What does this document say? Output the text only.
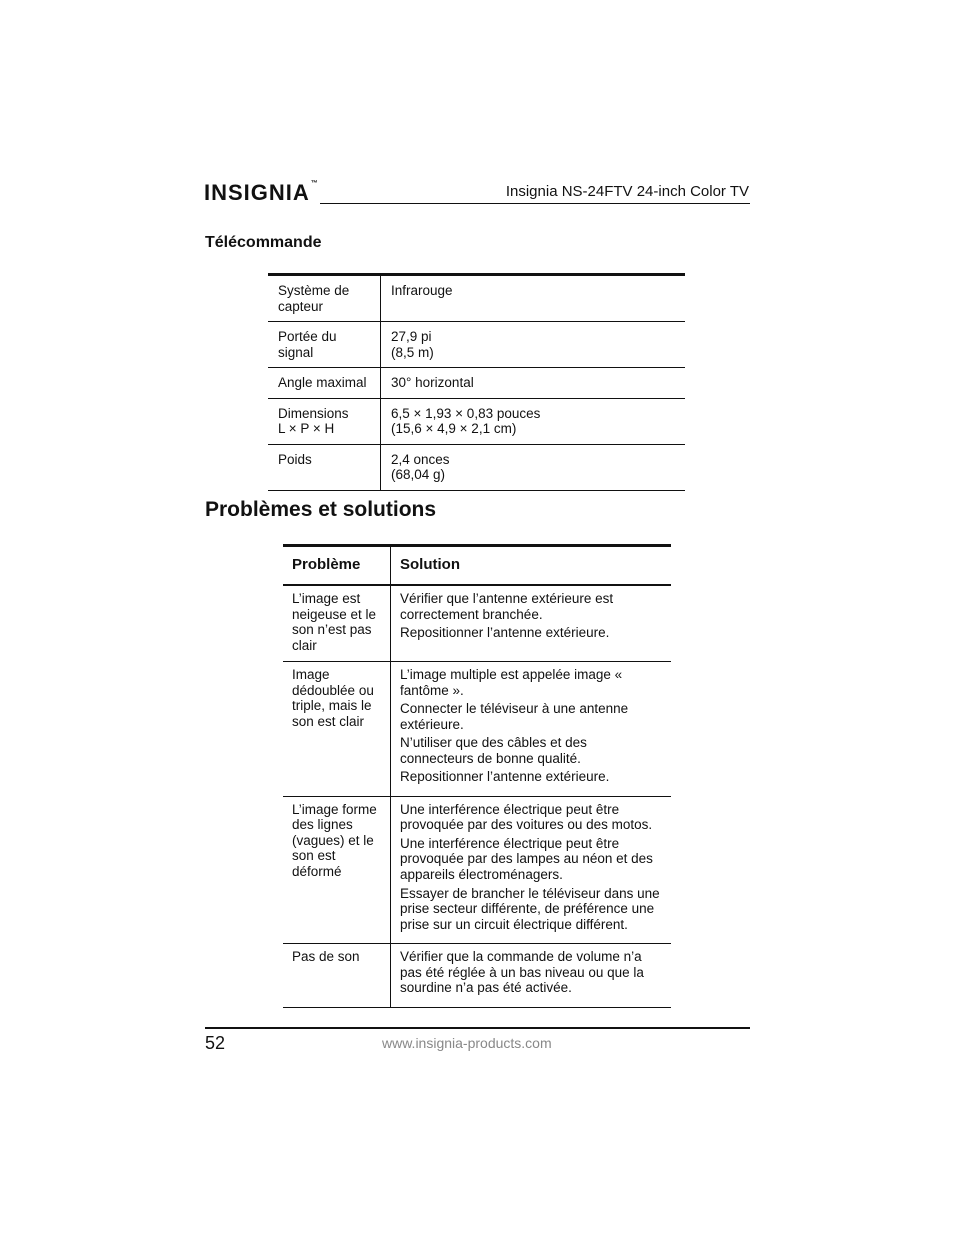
INSIGNIA™	Insignia NS-24FTV 24-inch Color TV
Télécommande
Système de
capteur	Infrarouge

Portée du
signal	27,9 pi
(8,5 m)

Angle maximal	30° horizontal

Dimensions
L × P × H	6,5 × 1,93 × 0,83 pouces
(15,6 × 4,9 × 2,1 cm)

Poids	2,4 onces
(68,04 g)
Problèmes et solutions
Problème	Solution
L’image est neigeuse et le son n’est pas clair	Vérifier que l’antenne extérieure est correctement branchée.

Repositionner l’antenne extérieure.

Image dédoublée ou triple, mais le son est clair	L’image multiple est appelée image « fantôme ».

Connecter le téléviseur à une antenne extérieure.

N’utiliser que des câbles et des connecteurs de bonne qualité.

Repositionner l’antenne extérieure.

L’image forme des lignes (vagues) et le son est déformé	Une interférence électrique peut être provoquée par des voitures ou des motos.

Une interférence électrique peut être provoquée par des lampes au néon et des appareils électroménagers.

Essayer de brancher le téléviseur dans une prise secteur différente, de préférence une prise sur un circuit électrique différent.

Pas de son	Vérifier que la commande de volume n’a pas été réglée à un bas niveau ou que la sourdine n’a pas été activée.

52	www.insignia-products.com
